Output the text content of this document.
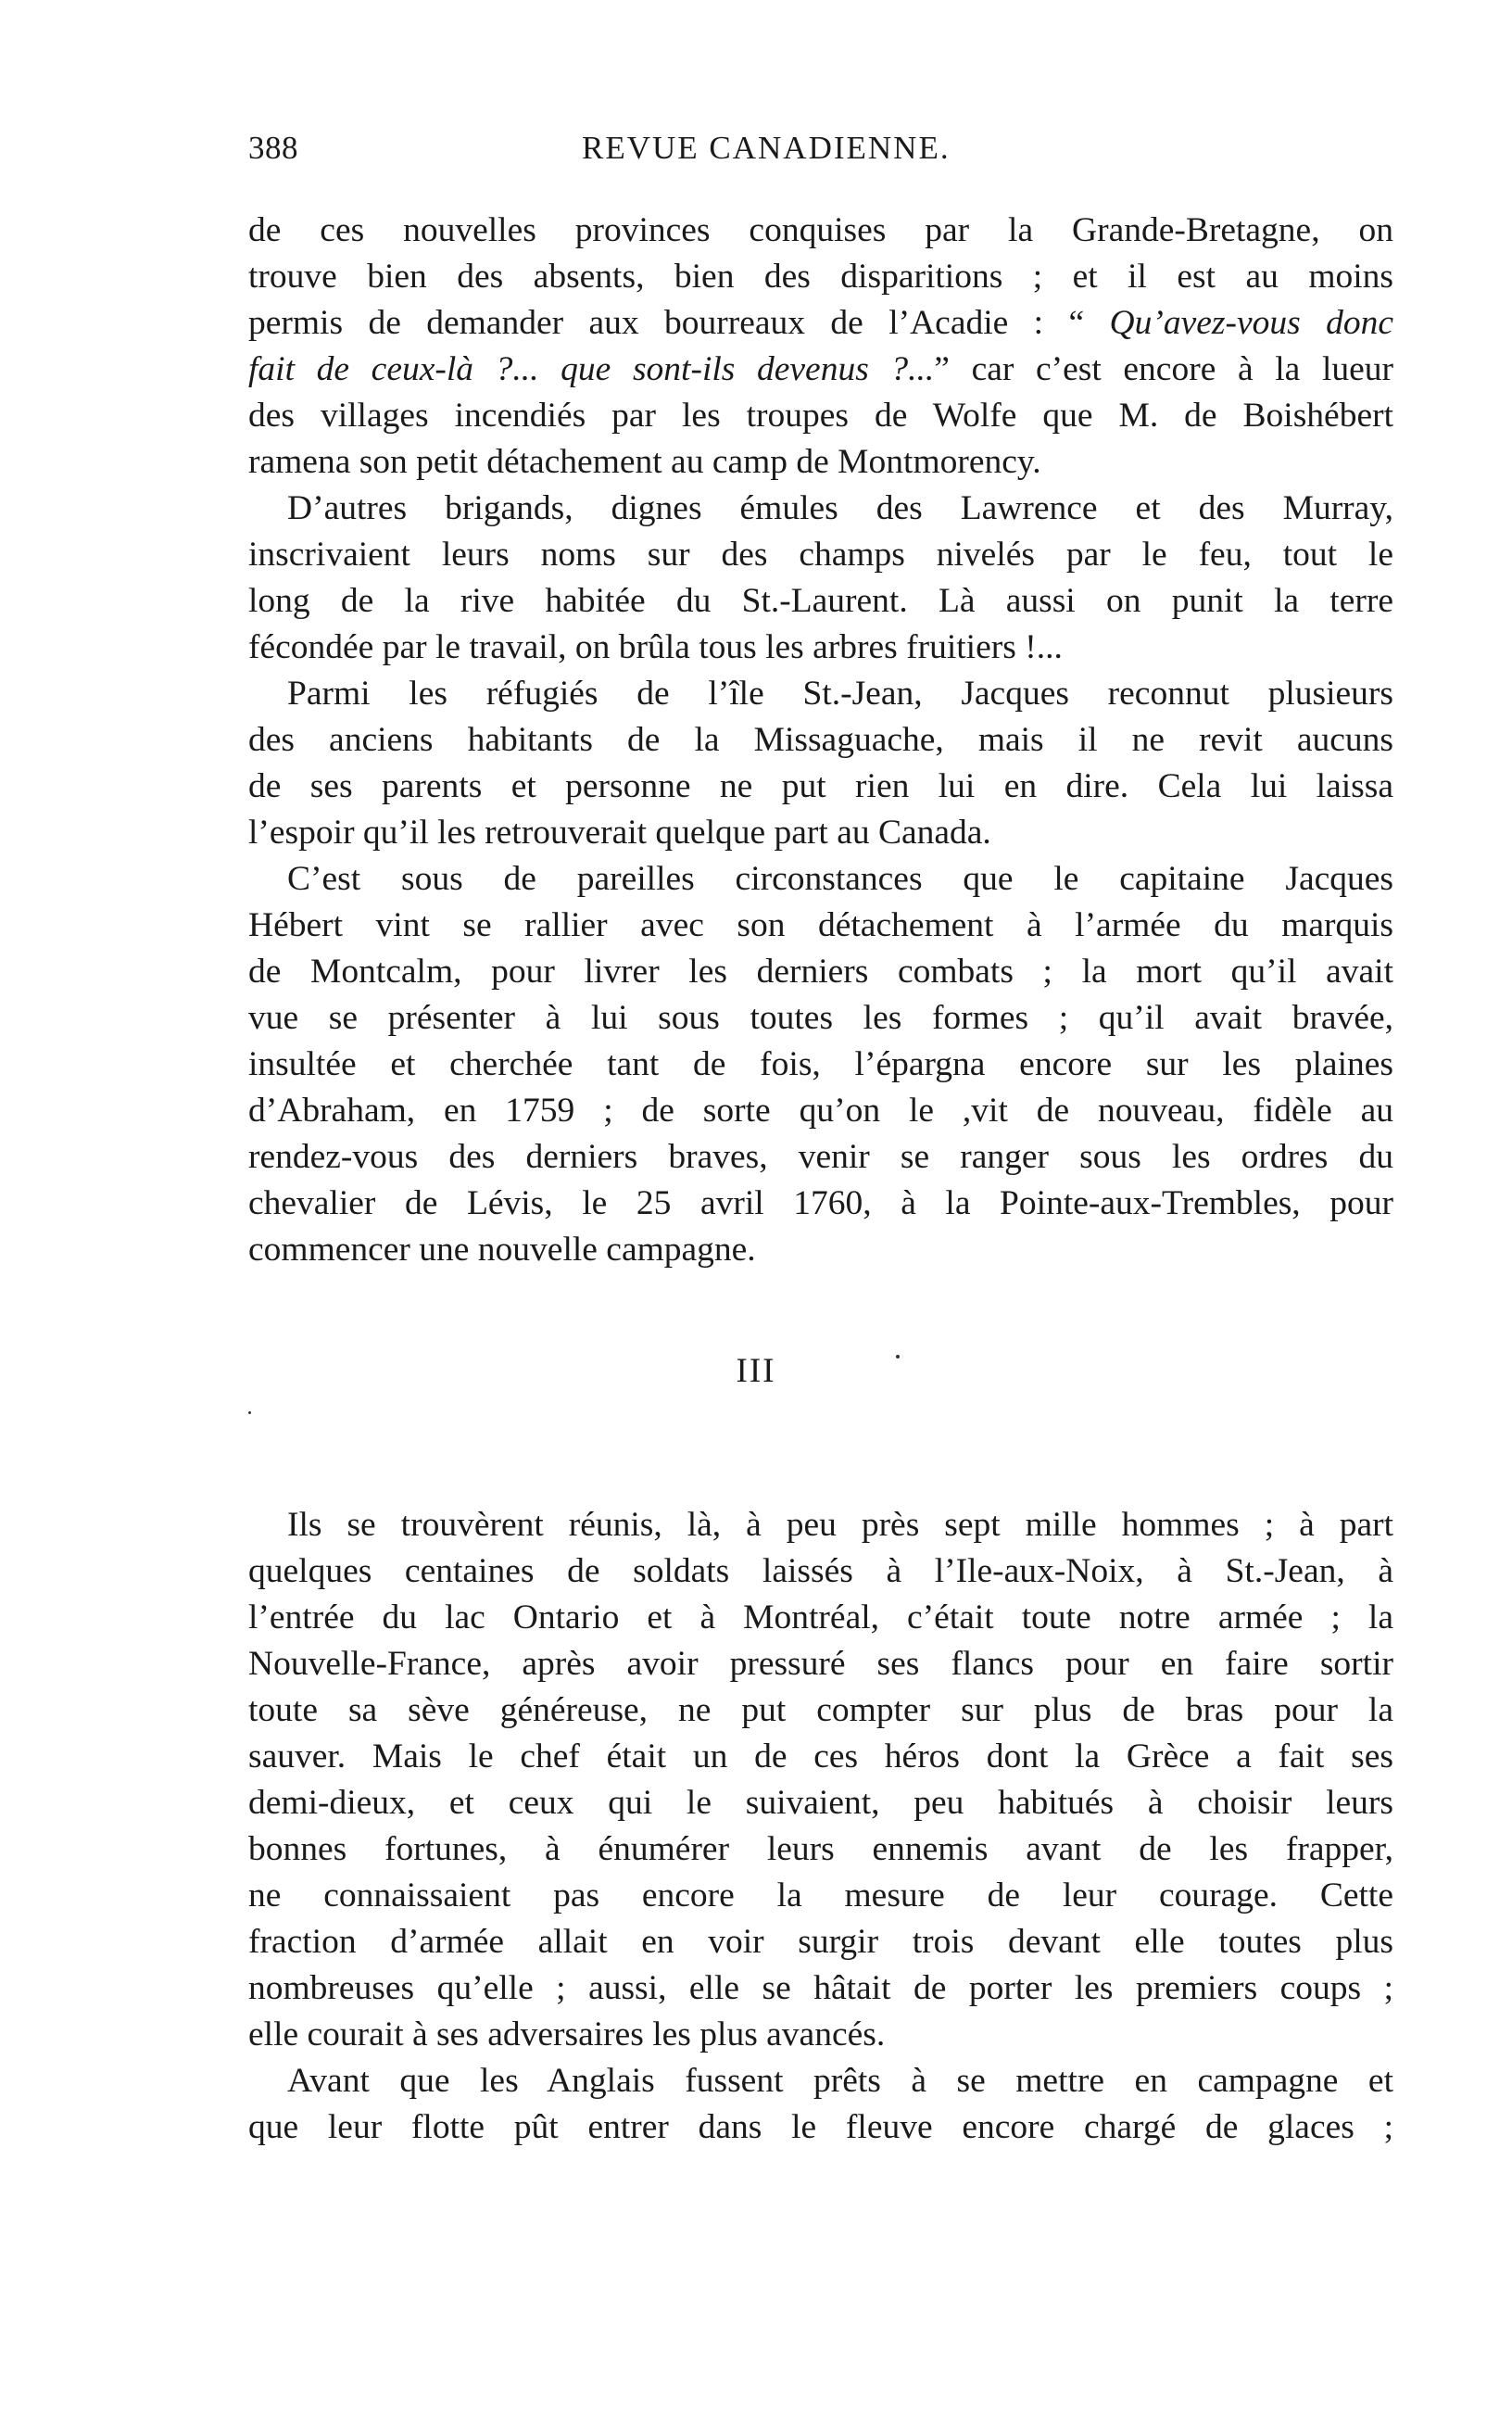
388	REVUE CANADIENNE.
de ces nouvelles provinces conquises par la Grande-Bretagne, on
trouve bien des absents, bien des disparitions ; et il est au moins
permis de demander aux bourreaux de l’Acadie : “ Qu’avez-vous donc
fait de ceux-là ?... que sont-ils devenus ?...” car c’est encore à la lueur
des villages incendiés par les troupes de Wolfe que M. de Boishébert
ramena son petit détachement au camp de Montmorency.
D’autres brigands, dignes émules des Lawrence et des Murray,
inscrivaient leurs noms sur des champs nivelés par le feu, tout le
long de la rive habitée du St.-Laurent. Là aussi on punit la terre
fécondée par le travail, on brûla tous les arbres fruitiers !...
Parmi les réfugiés de l’île St.-Jean, Jacques reconnut plusieurs
des anciens habitants de la Missaguache, mais il ne revit aucuns
de ses parents et personne ne put rien lui en dire. Cela lui laissa
l’espoir qu’il les retrouverait quelque part au Canada.
C’est sous de pareilles circonstances que le capitaine Jacques
Hébert vint se rallier avec son détachement à l’armée du marquis
de Montcalm, pour livrer les derniers combats ; la mort qu’il avait
vue se présenter à lui sous toutes les formes ; qu’il avait bravée,
insultée et cherchée tant de fois, l’épargna encore sur les plaines
d’Abraham, en 1759 ; de sorte qu’on le ,vit de nouveau, fidèle au
rendez-vous des derniers braves, venir se ranger sous les ordres du
chevalier de Lévis, le 25 avril 1760, à la Pointe-aux-Trembles, pour
commencer une nouvelle campagne.
III
Ils se trouvèrent réunis, là, à peu près sept mille hommes ; à part
quelques centaines de soldats laissés à l’Ile-aux-Noix, à St.-Jean, à
l’entrée du lac Ontario et à Montréal, c’était toute notre armée ; la
Nouvelle-France, après avoir pressuré ses flancs pour en faire sortir
toute sa sève généreuse, ne put compter sur plus de bras pour la
sauver. Mais le chef était un de ces héros dont la Grèce a fait ses
demi-dieux, et ceux qui le suivaient, peu habitués à choisir leurs
bonnes fortunes, à énumérer leurs ennemis avant de les frapper,
ne connaissaient pas encore la mesure de leur courage. Cette
fraction d’armée allait en voir surgir trois devant elle toutes plus
nombreuses qu’elle ; aussi, elle se hâtait de porter les premiers coups ;
elle courait à ses adversaires les plus avancés.
Avant que les Anglais fussent prêts à se mettre en campagne et
que leur flotte pût entrer dans le fleuve encore chargé de glaces ;
